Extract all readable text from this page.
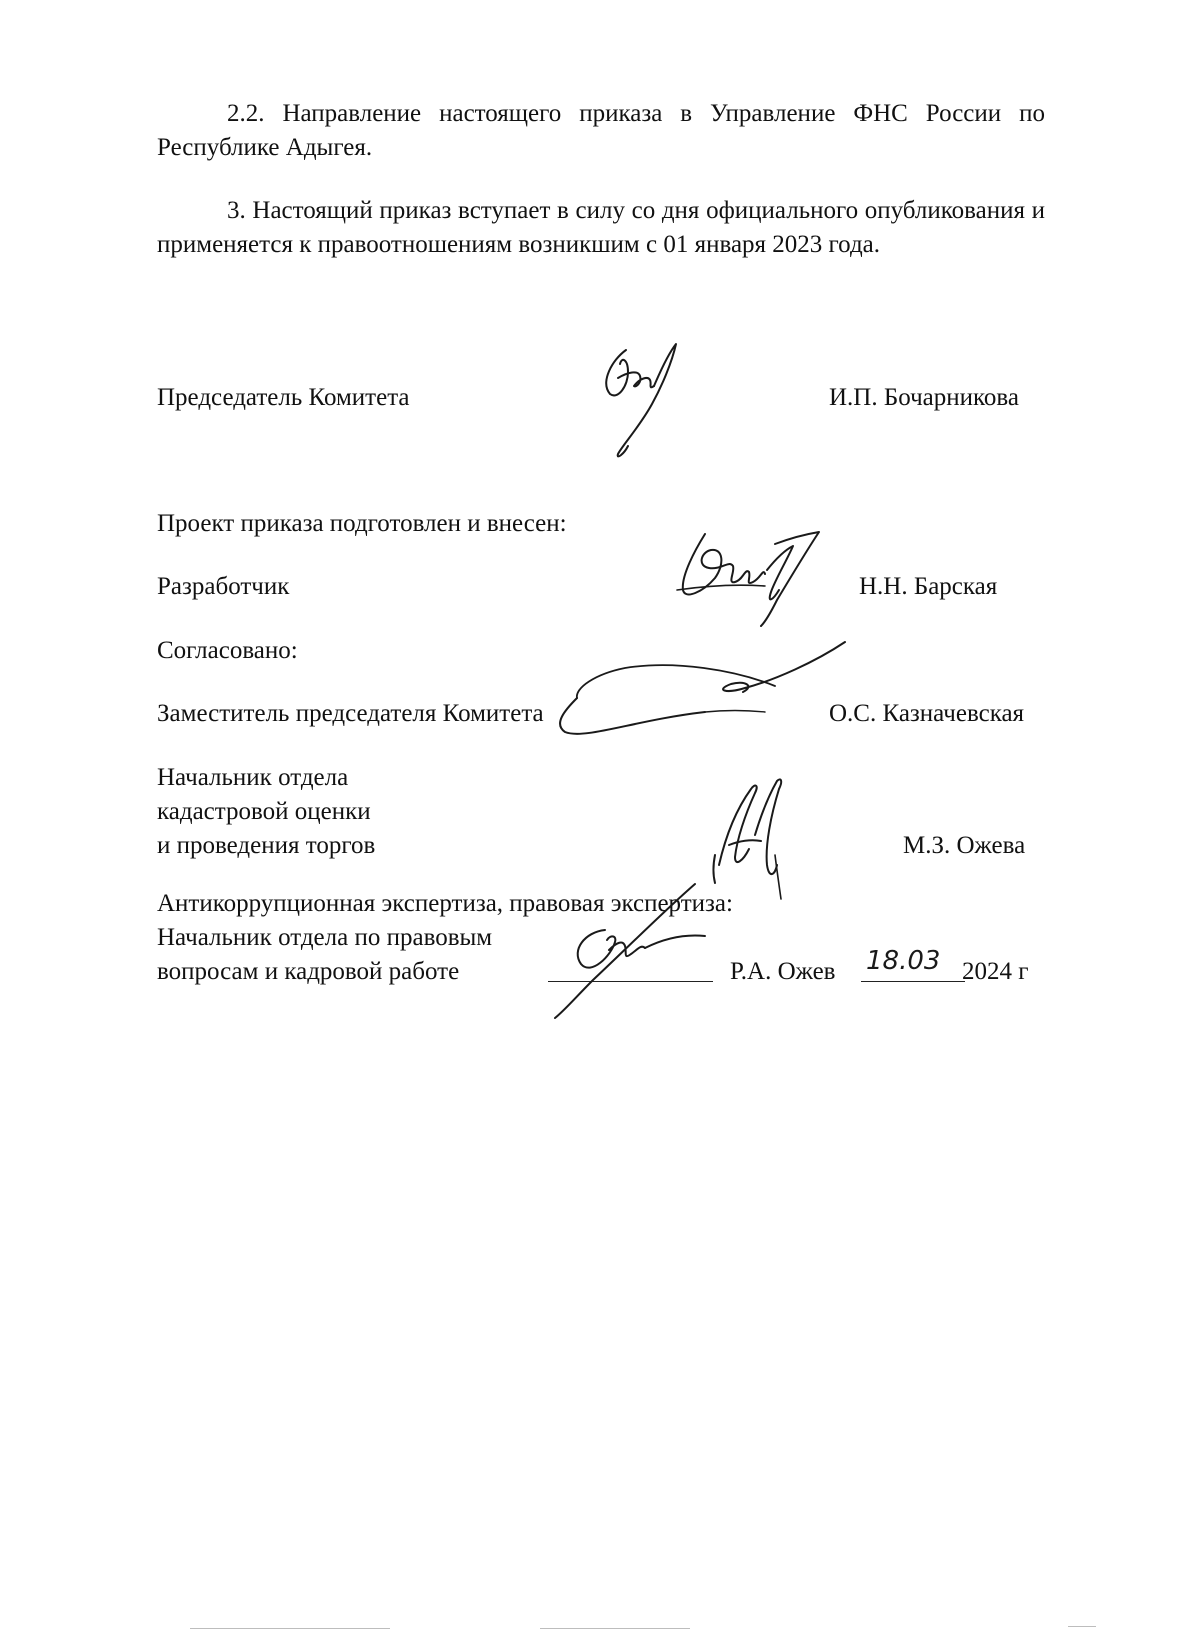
2.2. Направление настоящего приказа в Управление ФНС России по Республике Адыгея.

3. Настоящий приказ вступает в силу со дня официального опубликования и применяется к правоотношениям возникшим с 01 января 2023 года.

Председатель Комитета	И.П. Бочарникова
Проект приказа подготовлен и внесен:
Разработчик	Н.Н. Барская
Согласовано:
Заместитель председателя Комитета	О.С. Казначевская
Начальник отдела
кадастровой оценки
и проведения торгов	М.З. Ожева
Антикоррупционная экспертиза, правовая экспертиза:
Начальник отдела по правовым
вопросам и кадровой работе	Р.А. Ожев 18.03 2024 г
